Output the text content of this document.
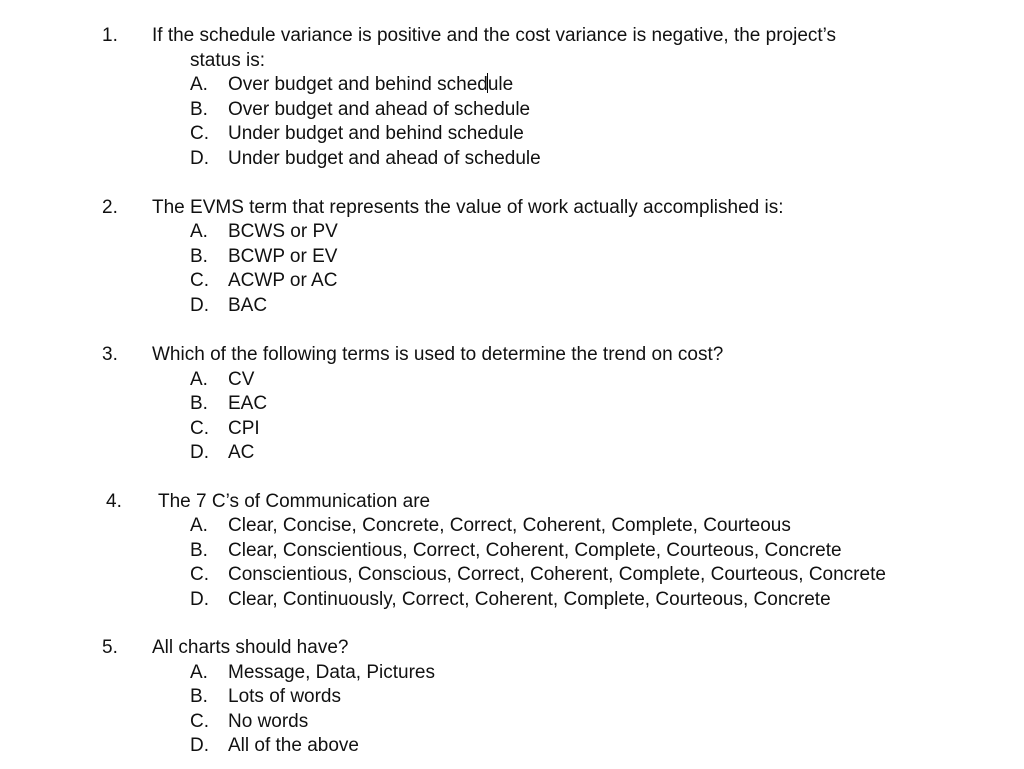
1. If the schedule variance is positive and the cost variance is negative, the project’s
status is:
A. Over budget and behind schedule
B. Over budget and ahead of schedule
C. Under budget and behind schedule
D. Under budget and ahead of schedule
2. The EVMS term that represents the value of work actually accomplished is:
A. BCWS or PV
B. BCWP or EV
C. ACWP or AC
D. BAC
3. Which of the following terms is used to determine the trend on cost?
A. CV
B. EAC
C. CPI
D. AC
4. The 7 C’s of Communication are
A. Clear, Concise, Concrete, Correct, Coherent, Complete, Courteous
B. Clear, Conscientious, Correct, Coherent, Complete, Courteous, Concrete
C. Conscientious, Conscious, Correct, Coherent, Complete, Courteous, Concrete
D. Clear, Continuously, Correct, Coherent, Complete, Courteous, Concrete
5. All charts should have?
A. Message, Data, Pictures
B. Lots of words
C. No words
D. All of the above
